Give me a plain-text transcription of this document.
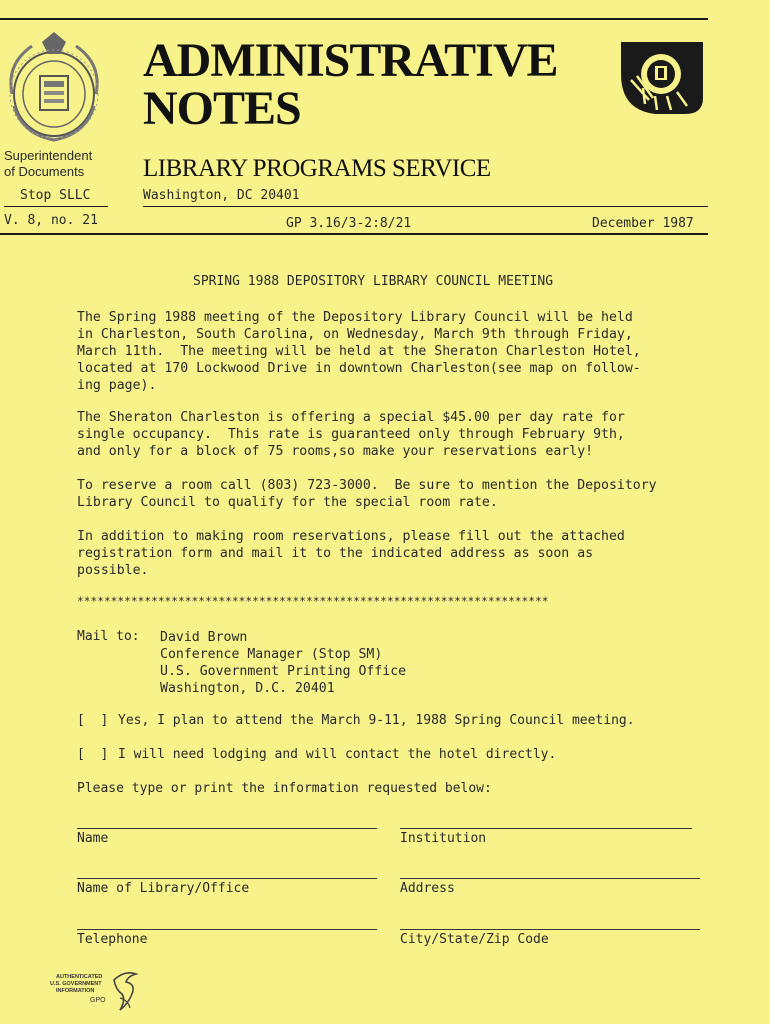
ADMINISTRATIVE
NOTES
Superintendent
of Documents
Stop SLLC
LIBRARY PROGRAMS SERVICE
Washington, DC 20401
V. 8, no. 21	GP 3.16/3-2:8/21	December 1987
SPRING 1988 DEPOSITORY LIBRARY COUNCIL MEETING
The Spring 1988 meeting of the Depository Library Council will be held
in Charleston, South Carolina, on Wednesday, March 9th through Friday,
March 11th.  The meeting will be held at the Sheraton Charleston Hotel,
located at 170 Lockwood Drive in downtown Charleston(see map on follow-
ing page).
The Sheraton Charleston is offering a special $45.00 per day rate for
single occupancy.  This rate is guaranteed only through February 9th,
and only for a block of 75 rooms,so make your reservations early!
To reserve a room call (803) 723-3000.  Be sure to mention the Depository
Library Council to qualify for the special room rate.
In addition to making room reservations, please fill out the attached
registration form and mail it to the indicated address as soon as
possible.
**********************************************************************
Mail to: David Brown
Conference Manager (Stop SM)
U.S. Government Printing Office
Washington, D.C. 20401
[  ] Yes, I plan to attend the March 9-11, 1988 Spring Council meeting.
[  ] I will need lodging and will contact the hotel directly.
Please type or print the information requested below:
Name	Institution
Name of Library/Office	Address
Telephone	City/State/Zip Code
AUTHENTICATED
U.S. GOVERNMENT
INFORMATION
GPO
